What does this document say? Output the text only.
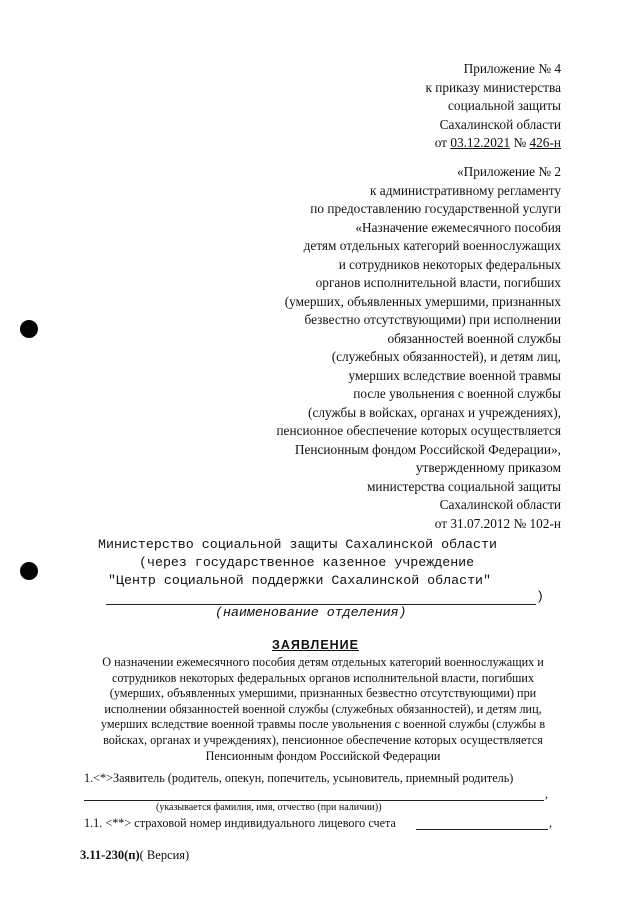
Приложение № 4
к приказу министерства
социальной защиты
Сахалинской области
от 03.12.2021 № 426-н
«Приложение № 2
к административному регламенту
по предоставлению государственной услуги
«Назначение ежемесячного пособия
детям отдельных категорий военнослужащих
и сотрудников некоторых федеральных
органов исполнительной власти, погибших
(умерших, объявленных умершими, признанных
безвестно отсутствующими) при исполнении
обязанностей военной службы
(служебных обязанностей), и детям лиц,
умерших вследствие военной травмы
после увольнения с военной службы
(службы в войсках, органах и учреждениях),
пенсионное обеспечение которых осуществляется
Пенсионным фондом Российской Федерации»,
утвержденному приказом
министерства социальной защиты
Сахалинской области
от 31.07.2012 № 102-н
Министерство социальной защиты Сахалинской области
(через государственное казенное учреждение
"Центр социальной поддержки Сахалинской области"
)
(наименование отделения)
ЗАЯВЛЕНИЕ
О назначении ежемесячного пособия детям отдельных категорий военнослужащих и сотрудников некоторых федеральных органов исполнительной власти, погибших (умерших, объявленных умершими, признанных безвестно отсутствующими) при исполнении обязанностей военной службы (служебных обязанностей), и детям лиц, умерших вследствие военной травмы после увольнения с военной службы (службы в войсках, органах и учреждениях), пенсионное обеспечение которых осуществляется Пенсионным фондом Российской Федерации
1.<*>Заявитель (родитель, опекун, попечитель, усыновитель, приемный родитель)
,
(указывается фамилия, имя, отчество (при наличии))
1.1. <**> страховой номер индивидуального лицевого счета	,
3.11-230(п)( Версия)
